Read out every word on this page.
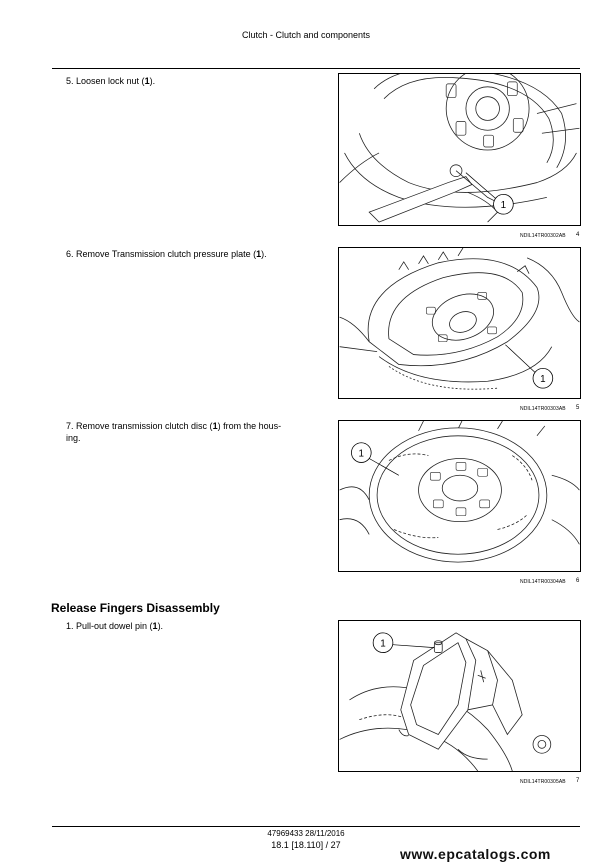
Clutch - Clutch and components
5. Loosen lock nut (1).
1
NDIL14TR00302AB 4
6. Remove Transmission clutch pressure plate (1).
1
NDIL14TR00303AB 5
7. Remove transmission clutch disc (1) from the hous-
ing.
1
NDIL14TR00304AB 6
Release Fingers Disassembly
1. Pull-out dowel pin (1).
1
NDIL14TR00305AB 7
47969433 28/11/2016
18.1 [18.110] / 27
www.epcatalogs.com
